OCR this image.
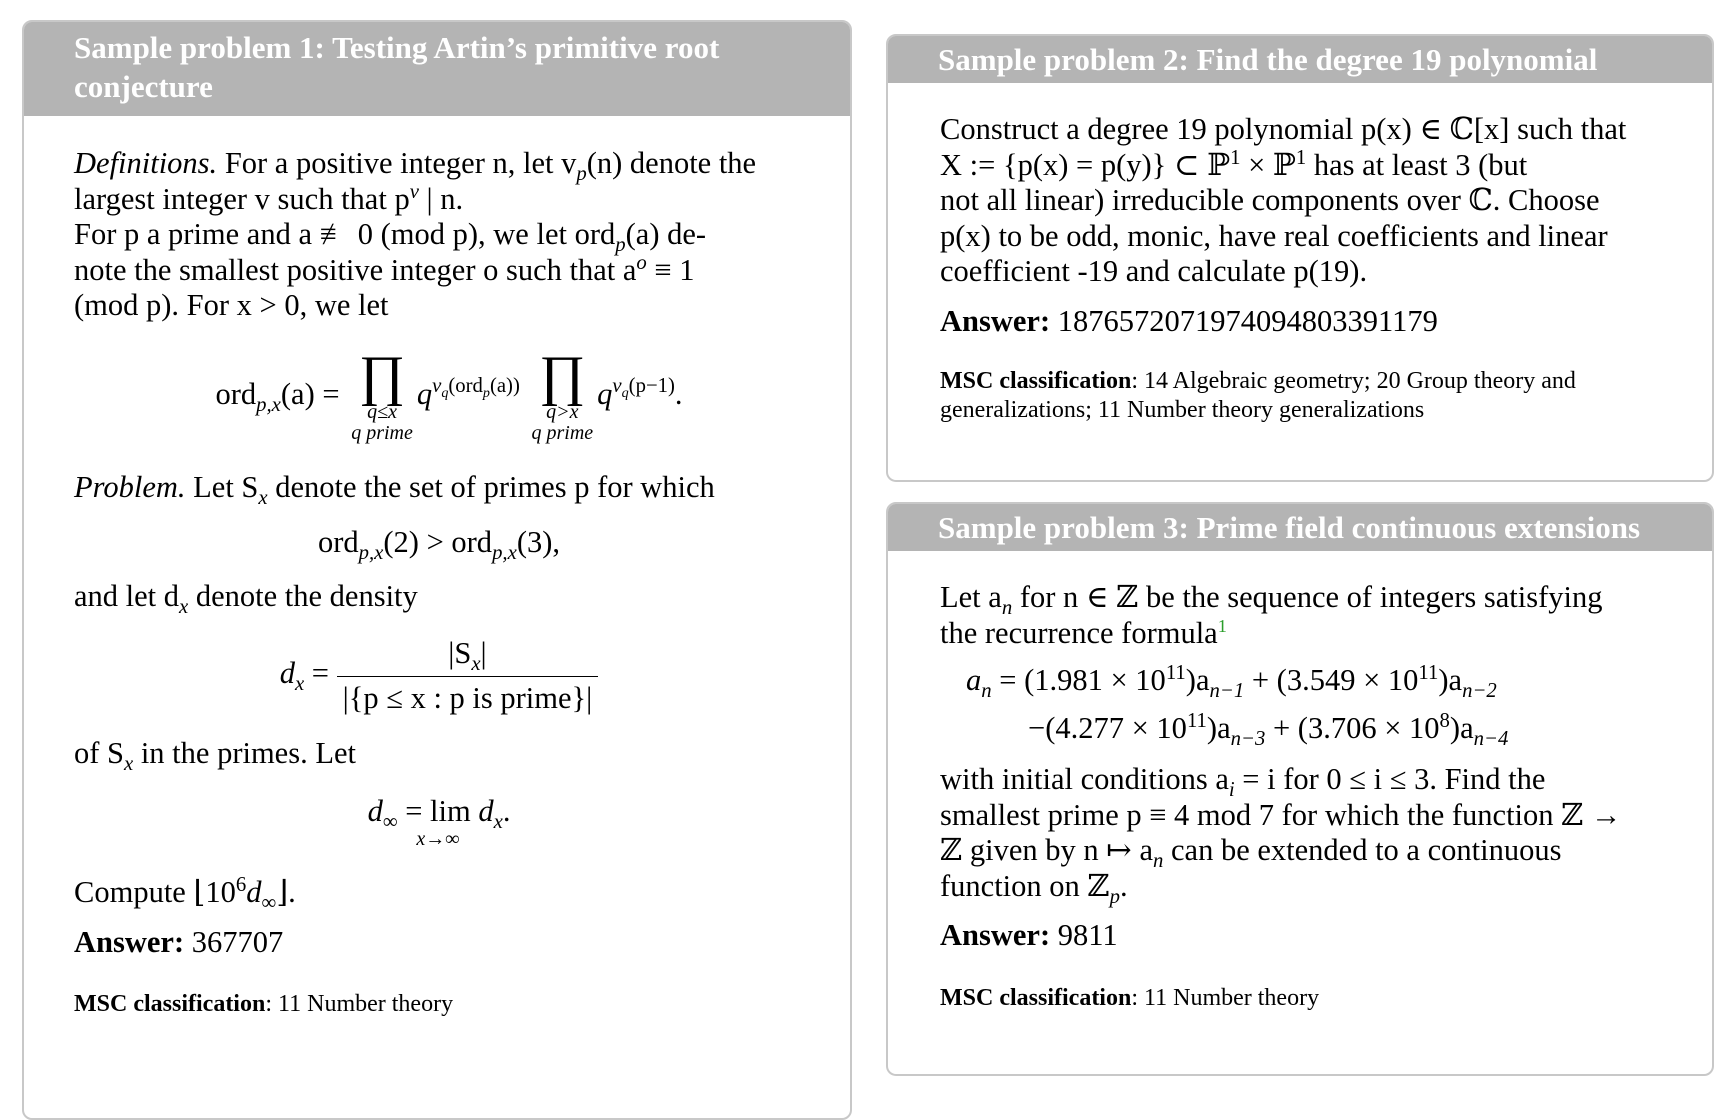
Sample problem 1: Testing Artin’s primitive root conjecture
Definitions. For a positive integer n, let $v_p(n)$ denote the
largest integer v such that $p^v$ | n.
For p a prime and a ≢ 0 (mod p), we let ord$_p$(a) de-
note the smallest positive integer o such that $a^o \equiv 1$
(mod p). For x > 0, we let
ord$_{p,x}$(a) = ∏
q≤x
q prime
$q^{v_q(ord_p(a))}$ ∏
q>x
q prime
$q^{v_q(p-1)}$.
Problem. Let $S_x$ denote the set of primes p for which
ord$_{p,x}$(2) > ord$_{p,x}$(3),
and let $d_x$ denote the density
$d_x = \frac{|S_x|}{\text{|\{p ≤ x : p is prime\}|}}$
of $S_x$ in the primes. Let
$d_\infty = \lim$
x→∞
$d_x$.
Compute $⌊10^6d_\infty⌋$.
Answer: 367707
MSC classification: 11 Number theory
Sample problem 2: Find the degree 19 polynomial
Construct a degree 19 polynomial p(x) ∈ ℂ[x] such that
X := {p(x) = p(y)} ⊂ ℙ$^1$ × ℙ$^1$ has at least 3 (but
not all linear) irreducible components over ℂ. Choose
p(x) to be odd, monic, have real coefficients and linear
coefficient -19 and calculate p(19).
Answer: 1876572071974094803391179
MSC classification: 14 Algebraic geometry; 20 Group theory and generalizations; 11 Number theory generalizations
Sample problem 3: Prime field continuous extensions
Let $a_n$ for n ∈ ℤ be the sequence of integers satisfying
the recurrence formula$^1$
$a_n = (1.981 \times 10^{11})a_{n-1} + (3.549 \times 10^{11})a_{n-2}$
$-(4.277 \times 10^{11})a_{n-3} + (3.706 \times 10^8)a_{n-4}$
with initial conditions $a_i = i$ for 0 ≤ i ≤ 3. Find the
smallest prime p ≡ 4 mod 7 for which the function ℤ →
ℤ given by n ↦ $a_n$ can be extended to a continuous
function on ℤ$_p$.
Answer: 9811
MSC classification: 11 Number theory
